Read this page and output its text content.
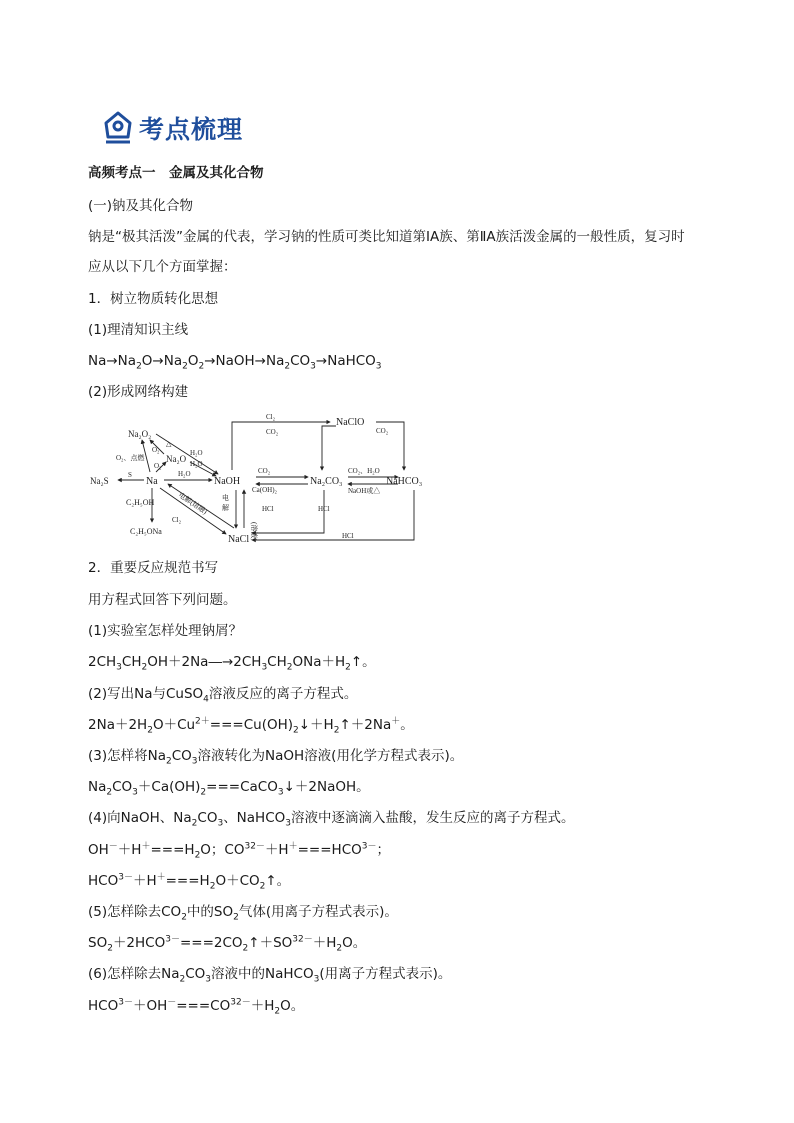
考点梳理
高频考点一　金属及其化合物
(一)钠及其化合物
钠是“极其活泼”金属的代表，学习钠的性质可类比知道第ⅠA族、第ⅡA族活泼金属的一般性质，复习时
应从以下几个方面掌握：
1．树立物质转化思想
(1)理清知识主线
$Na\to Na_2O\to Na_2O_2\to NaOH\to Na_2CO_3\to NaHCO_3$
(2)形成网络构建
Na₂O₂
Na₂O
Na
Na₂S	NaOH	Na₂CO₃	NaHCO₃
NaClO
NaCl
C₂H₅OH
C₂H₅ONa
O₂、点燃
O₂
O₂
△
H₂O
H₂O
H₂O
S
Cl₂
Cl₂
CO₂	CO₂
CO₂
Ca(OH)₂
CO₂、H₂O
NaOH或△
HCl	HCl
HCl
电解(熔融) 电
解
(溶液)
2．重要反应规范书写
用方程式回答下列问题。
(1)实验室怎样处理钠屑？
$2CH_3CH_2OH+2Na―\to 2CH_3CH_2ONa+H_2↑$。
(2)写出Na与CuSO$_4$溶液反应的离子方程式。
$2Na+2H_2O+Cu^{2+}===Cu(OH)_2↓+H_2↑+2Na^+$。
(3)怎样将$Na_2CO_3$溶液转化为NaOH溶液(用化学方程式表示)。
$Na_2CO_3+Ca(OH)_2===CaCO_3↓+2NaOH$。
(4)向NaOH、$Na_2CO_3$、NaHCO$_3$溶液中逐滴滴入盐酸，发生反应的离子方程式。
$OH^-+H^+===H_2O$；$CO^{32-}+H^+===HCO^{3-}$；
$HCO^{3-}+H^+===H_2O+CO_2↑$。
(5)怎样除去$CO_2$中的$SO_2$气体(用离子方程式表示)。
$SO_2+2HCO^{3-}===2CO_2↑+SO^{32-}+H_2O$。
(6)怎样除去$Na_2CO_3$溶液中的NaHCO$_3$(用离子方程式表示)。
$HCO^{3-}+OH^-===CO^{32-}+H_2O$。
